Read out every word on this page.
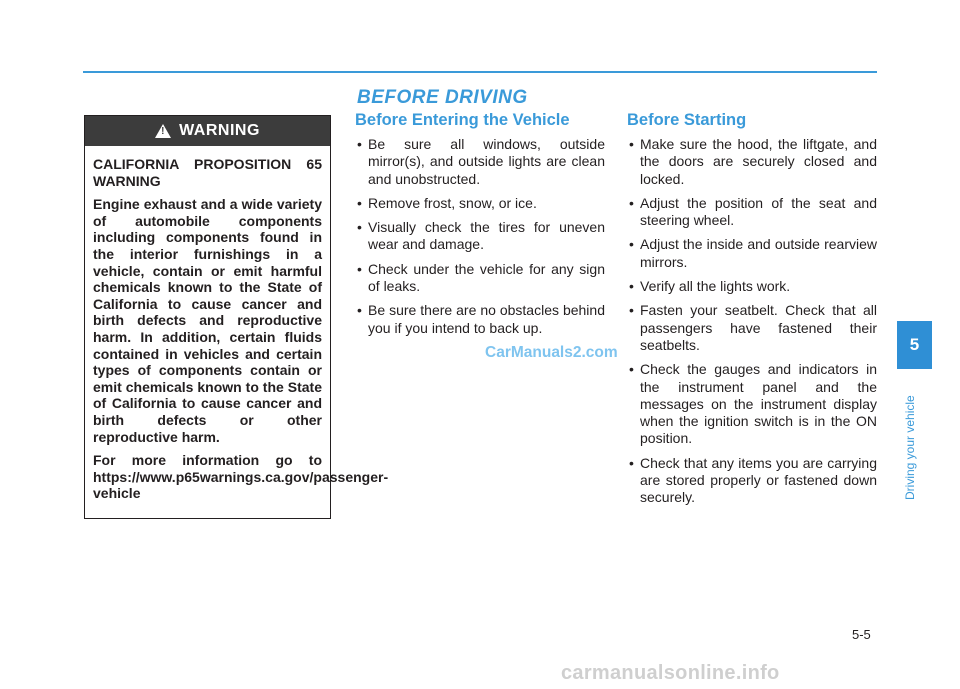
!
WARNING

CALIFORNIA PROPOSITION 65 WARNING

Engine exhaust and a wide variety of automobile components including components found in the interior furnishings in a vehicle, contain or emit harmful chemicals known to the State of California to cause cancer and birth defects and reproductive harm. In addition, certain fluids contained in vehicles and certain types of components contain or emit chemicals known to the State of California to cause cancer and birth defects or other reproductive harm.

For more information go to https://www.p65warnings.ca.gov/passenger-vehicle

BEFORE DRIVING
Before Entering the Vehicle
• Be sure all windows, outside mirror(s), and outside lights are clean and unobstructed.
• Remove frost, snow, or ice.
• Visually check the tires for uneven wear and damage.
• Check under the vehicle for any sign of leaks.
• Be sure there are no obstacles behind you if you intend to back up.
Before Starting
• Make sure the hood, the liftgate, and the doors are securely closed and locked.
• Adjust the position of the seat and steering wheel.
• Adjust the inside and outside rearview mirrors.
• Verify all the lights work.
• Fasten your seatbelt. Check that all passengers have fastened their seatbelts.
• Check the gauges and indicators in the instrument panel and the messages on the instrument display when the ignition switch is in the ON position.
• Check that any items you are carrying are stored properly or fastened down securely.
CarManuals2.com	5
Driving your vehicle
5-5
carmanualsonline.info
